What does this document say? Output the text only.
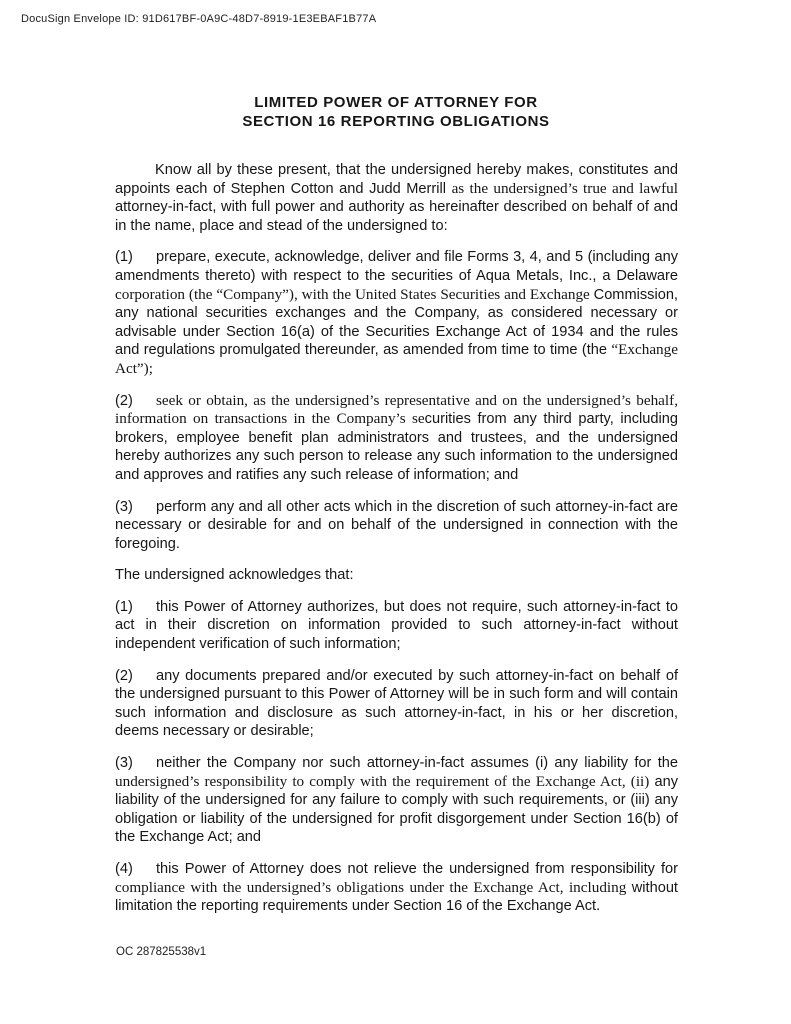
DocuSign Envelope ID: 91D617BF-0A9C-48D7-8919-1E3EBAF1B77A
LIMITED POWER OF ATTORNEY FOR
SECTION 16 REPORTING OBLIGATIONS

Know all by these present, that the undersigned hereby makes, constitutes and appoints each of Stephen Cotton and Judd Merrill as the undersigned’s true and lawful attorney-in-fact, with full power and authority as hereinafter described on behalf of and in the name, place and stead of the undersigned to:

(1) prepare, execute, acknowledge, deliver and file Forms 3, 4, and 5 (including any amendments thereto) with respect to the securities of Aqua Metals, Inc., a Delaware corporation (the “Company”), with the United States Securities and Exchange Commission, any national securities exchanges and the Company, as considered necessary or advisable under Section 16(a) of the Securities Exchange Act of 1934 and the rules and regulations promulgated thereunder, as amended from time to time (the “Exchange Act”);

(2) seek or obtain, as the undersigned’s representative and on the undersigned’s behalf, information on transactions in the Company’s securities from any third party, including brokers, employee benefit plan administrators and trustees, and the undersigned hereby authorizes any such person to release any such information to the undersigned and approves and ratifies any such release of information; and

(3) perform any and all other acts which in the discretion of such attorney-in-fact are necessary or desirable for and on behalf of the undersigned in connection with the foregoing.

The undersigned acknowledges that:

(1) this Power of Attorney authorizes, but does not require, such attorney-in-fact to act in their discretion on information provided to such attorney-in-fact without independent verification of such information;

(2) any documents prepared and/or executed by such attorney-in-fact on behalf of the undersigned pursuant to this Power of Attorney will be in such form and will contain such information and disclosure as such attorney-in-fact, in his or her discretion, deems necessary or desirable;

(3) neither the Company nor such attorney-in-fact assumes (i) any liability for the undersigned’s responsibility to comply with the requirement of the Exchange Act, (ii) any liability of the undersigned for any failure to comply with such requirements, or (iii) any obligation or liability of the undersigned for profit disgorgement under Section 16(b) of the Exchange Act; and

(4) this Power of Attorney does not relieve the undersigned from responsibility for compliance with the undersigned’s obligations under the Exchange Act, including without limitation the reporting requirements under Section 16 of the Exchange Act.

OC 287825538v1
